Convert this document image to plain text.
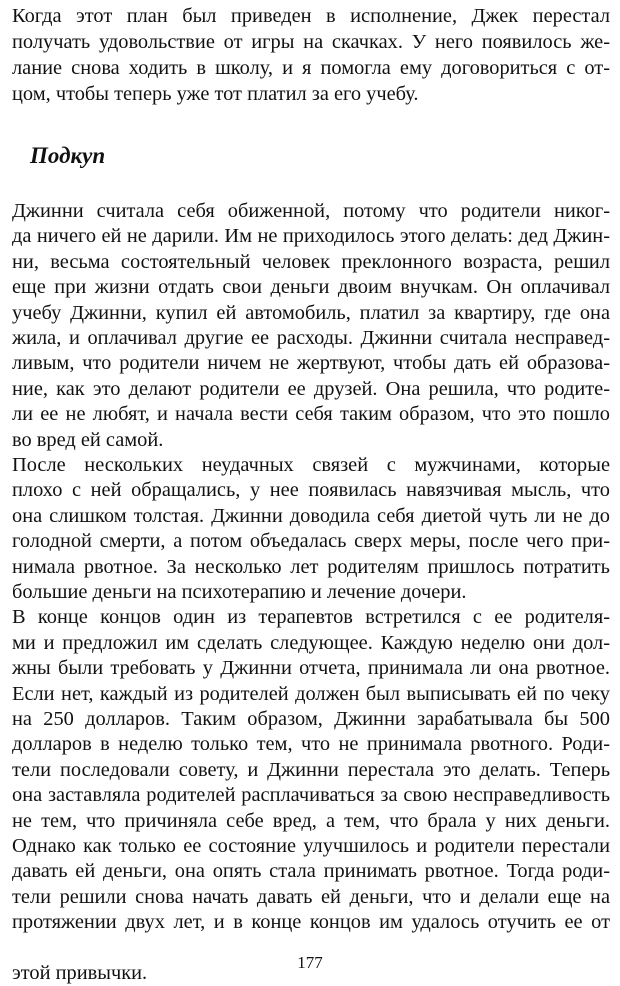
Когда этот план был приведен в исполнение, Джек перестал
получать удовольствие от игры на скачках. У него появилось же-
лание снова ходить в школу, и я помогла ему договориться с от-
цом, чтобы теперь уже тот платил за его учебу.
Подкуп
Джинни считала себя обиженной, потому что родители никог-
да ничего ей не дарили. Им не приходилось этого делать: дед Джин-
ни, весьма состоятельный человек преклонного возраста, решил
еще при жизни отдать свои деньги двоим внучкам. Он оплачивал
учебу Джинни, купил ей автомобиль, платил за квартиру, где она
жила, и оплачивал другие ее расходы. Джинни считала несправед-
ливым, что родители ничем не жертвуют, чтобы дать ей образова-
ние, как это делают родители ее друзей. Она решила, что родите-
ли ее не любят, и начала вести себя таким образом, что это пошло
во вред ей самой.
После нескольких неудачных связей с мужчинами, которые
плохо с ней обращались, у нее появилась навязчивая мысль, что
она слишком толстая. Джинни доводила себя диетой чуть ли не до
голодной смерти, а потом объедалась сверх меры, после чего при-
нимала рвотное. За несколько лет родителям пришлось потратить
большие деньги на психотерапию и лечение дочери.
В конце концов один из терапевтов встретился с ее родителя-
ми и предложил им сделать следующее. Каждую неделю они дол-
жны были требовать у Джинни отчета, принимала ли она рвотное.
Если нет, каждый из родителей должен был выписывать ей по чеку
на 250 долларов. Таким образом, Джинни зарабатывала бы 500
долларов в неделю только тем, что не принимала рвотного. Роди-
тели последовали совету, и Джинни перестала это делать. Теперь
она заставляла родителей расплачиваться за свою несправедливость
не тем, что причиняла себе вред, а тем, что брала у них деньги.
Однако как только ее состояние улучшилось и родители перестали
давать ей деньги, она опять стала принимать рвотное. Тогда роди-
тели решили снова начать давать ей деньги, что и делали еще на
протяжении двух лет, и в конце концов им удалось отучить ее от
177
этой привычки.
